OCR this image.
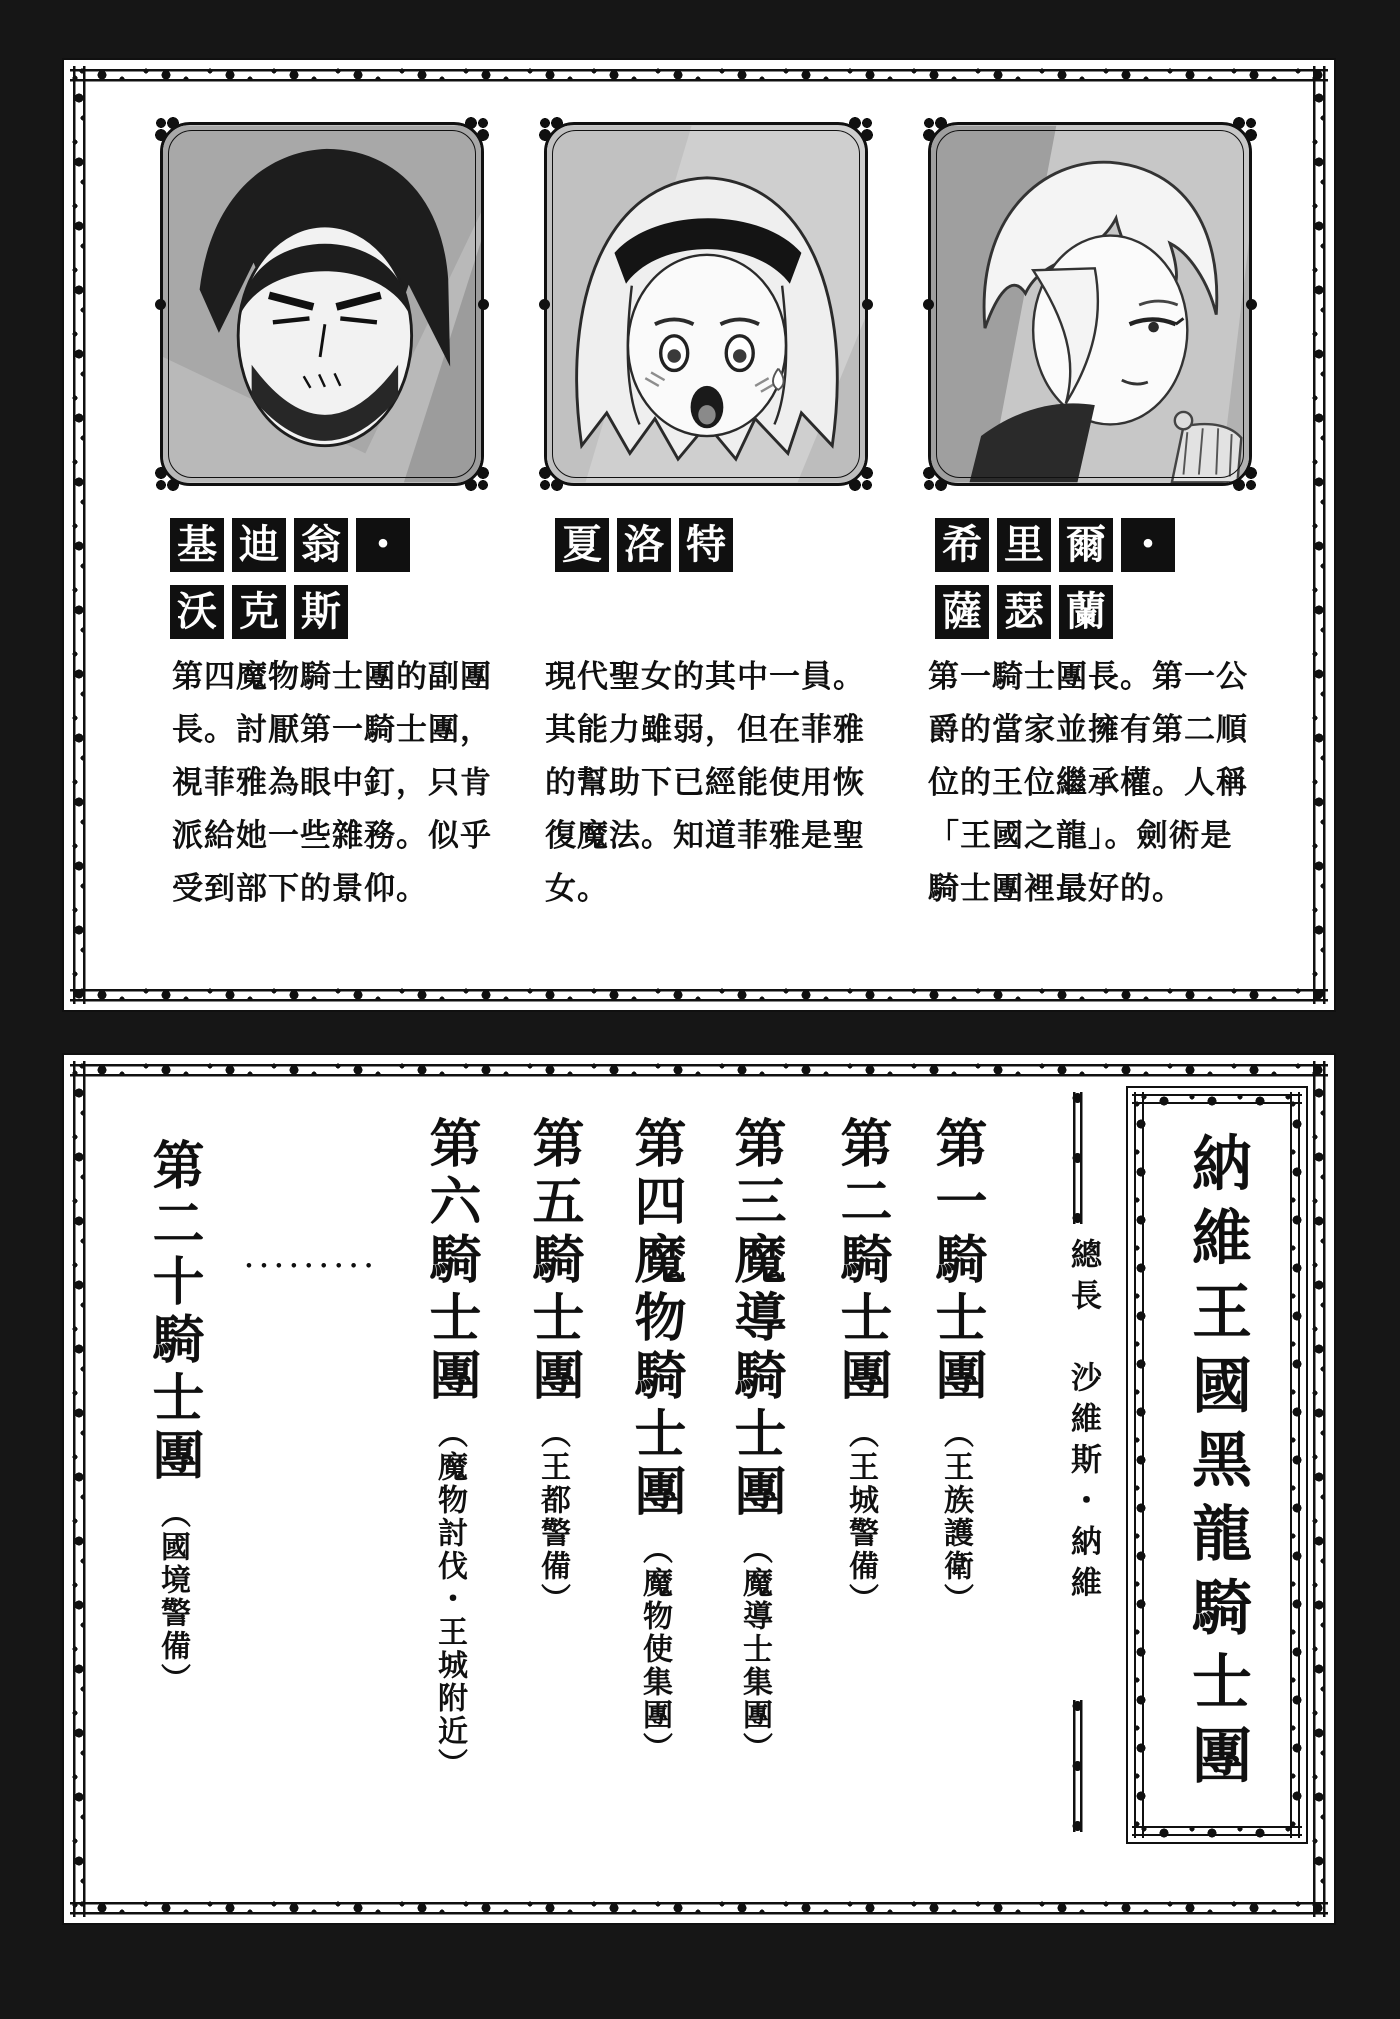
基 迪 翁 ・
沃 克 斯
夏 洛 特	希 里 爾 ・
薩 瑟 蘭
第四魔物騎士團的副團
長。討厭第一騎士團，
視菲雅為眼中釘，只肯
派給她一些雜務。似乎
受到部下的景仰。
現代聖女的其中一員。
其能力雖弱，但在菲雅
的幫助下已經能使用恢
復魔法。知道菲雅是聖
女。
第一騎士團長。第一公
爵的當家並擁有第二順
位的王位繼承權。人稱
「王國之龍」。劍術是
騎士團裡最好的。
納維王國黑龍騎士團
總長　沙維斯・納維
第一騎士團（王族護衛）
第二騎士團（王城警備）
第三魔導騎士團（魔導士集團）
第四魔物騎士團（魔物使集團）
第五騎士團（王都警備）
第六騎士團（魔物討伐・王城附近）
•••••••••
第二十騎士團（國境警備）
